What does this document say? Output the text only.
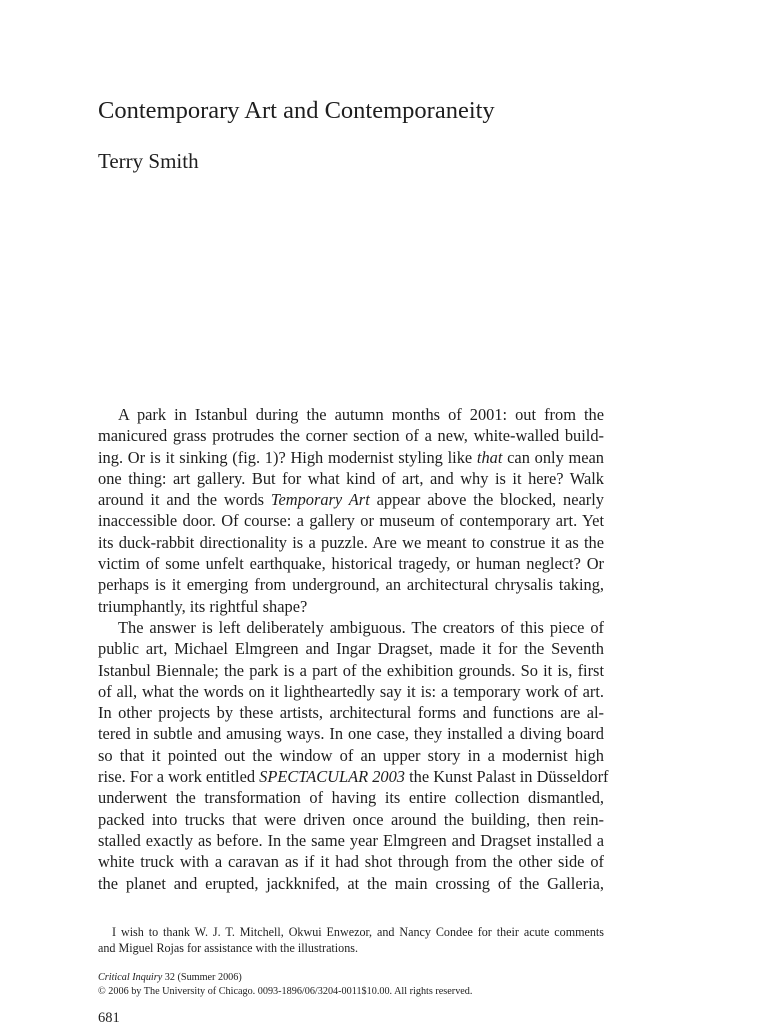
Contemporary Art and Contemporaneity
Terry Smith
A park in Istanbul during the autumn months of 2001: out from the
manicured grass protrudes the corner section of a new, white-walled build-
ing. Or is it sinking (fig. 1)? High modernist styling like that can only mean
one thing: art gallery. But for what kind of art, and why is it here? Walk
around it and the words Temporary Art appear above the blocked, nearly
inaccessible door. Of course: a gallery or museum of contemporary art. Yet
its duck-rabbit directionality is a puzzle. Are we meant to construe it as the
victim of some unfelt earthquake, historical tragedy, or human neglect? Or
perhaps is it emerging from underground, an architectural chrysalis taking,
triumphantly, its rightful shape?
The answer is left deliberately ambiguous. The creators of this piece of
public art, Michael Elmgreen and Ingar Dragset, made it for the Seventh
Istanbul Biennale; the park is a part of the exhibition grounds. So it is, first
of all, what the words on it lightheartedly say it is: a temporary work of art.
In other projects by these artists, architectural forms and functions are al-
tered in subtle and amusing ways. In one case, they installed a diving board
so that it pointed out the window of an upper story in a modernist high
rise. For a work entitled SPECTACULAR 2003 the Kunst Palast in Düsseldorf
underwent the transformation of having its entire collection dismantled,
packed into trucks that were driven once around the building, then rein-
stalled exactly as before. In the same year Elmgreen and Dragset installed a
white truck with a caravan as if it had shot through from the other side of
the planet and erupted, jackknifed, at the main crossing of the Galleria,
I wish to thank W. J. T. Mitchell, Okwui Enwezor, and Nancy Condee for their acute comments
and Miguel Rojas for assistance with the illustrations.
Critical Inquiry 32 (Summer 2006)
© 2006 by The University of Chicago. 0093-1896/06/3204-0011$10.00. All rights reserved.
681
